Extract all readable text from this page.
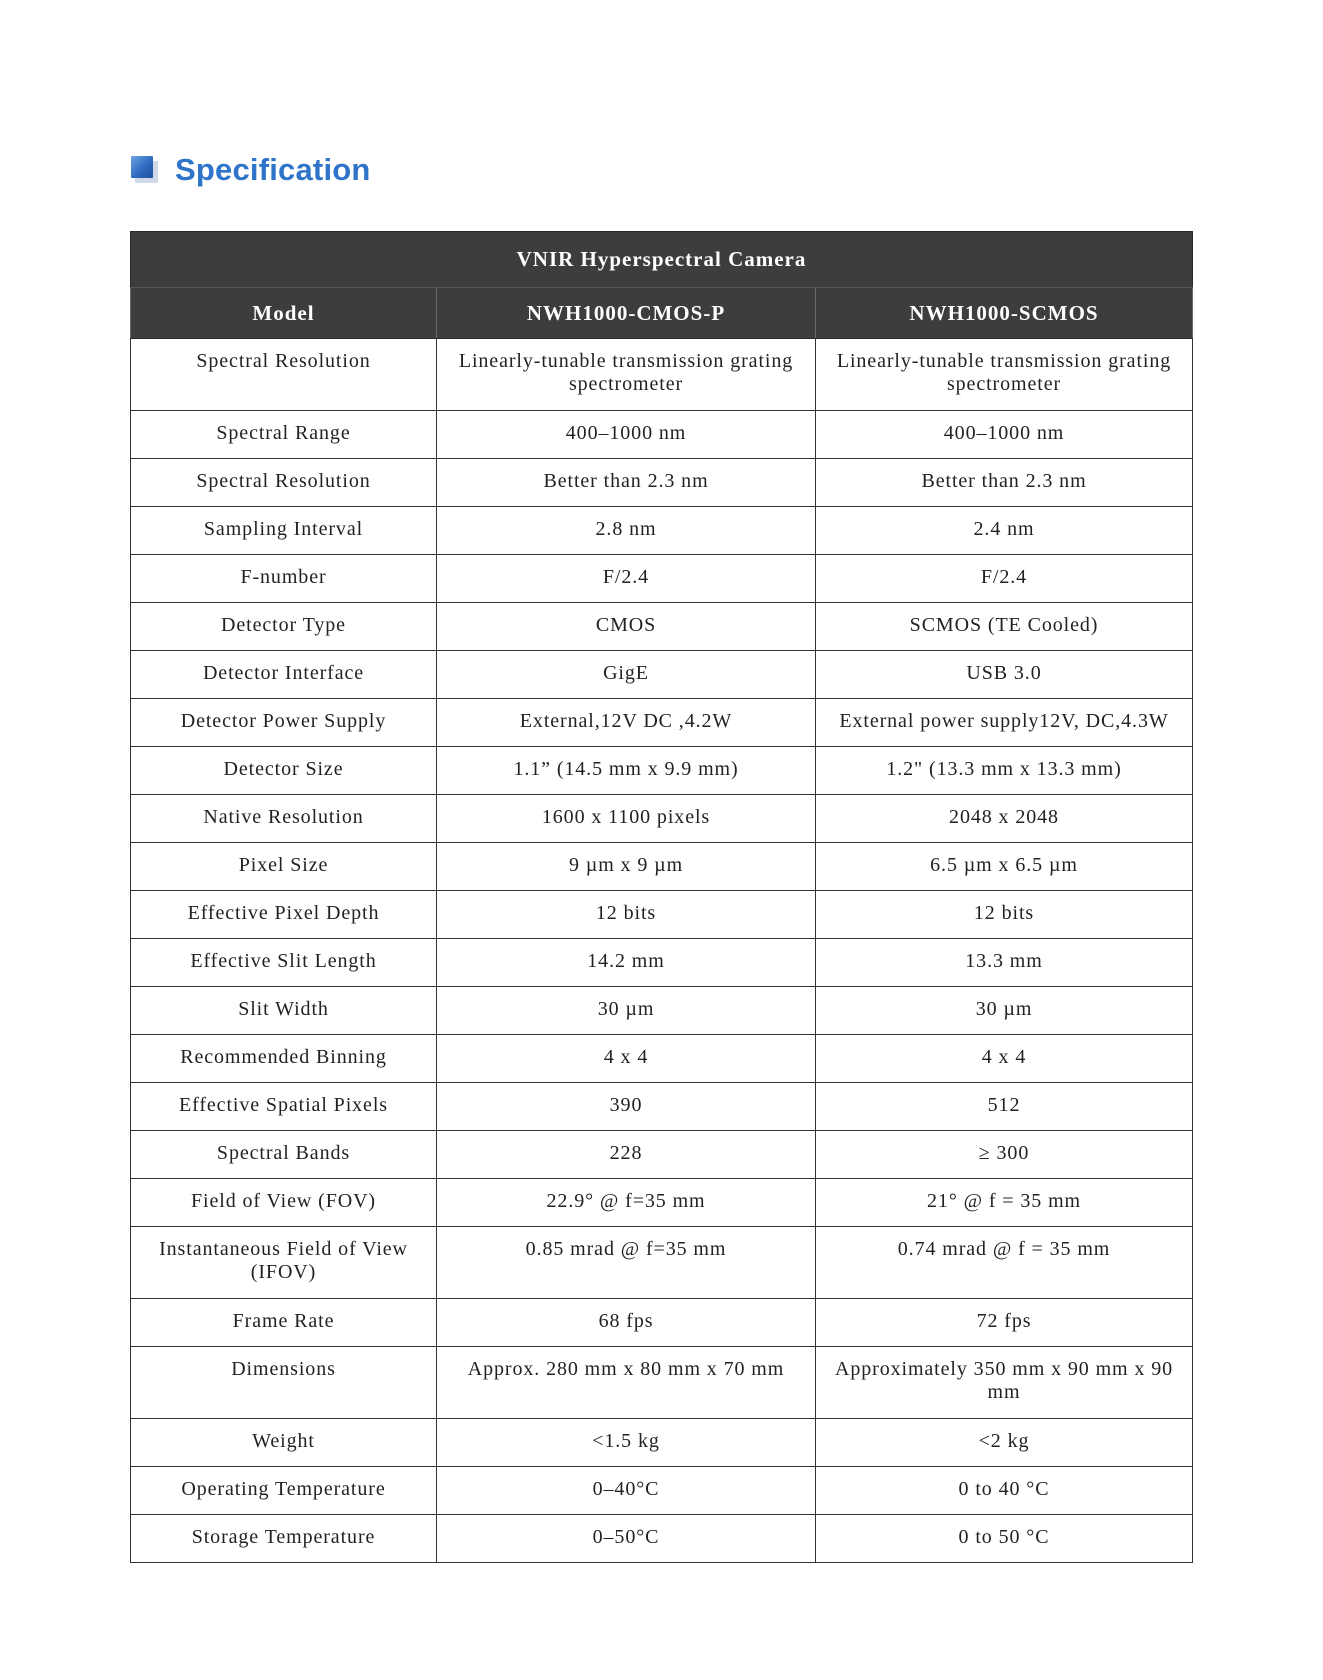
Specification
VNIR Hyperspectral Camera		
Model	NWH1000-CMOS-P	NWH1000-SCMOS
Spectral Resolution	Linearly-tunable transmission grating spectrometer	Linearly-tunable transmission grating spectrometer
Spectral Range	400–1000 nm	400–1000 nm
Spectral Resolution	Better than 2.3 nm	Better than 2.3 nm
Sampling Interval	2.8 nm	2.4 nm
F-number	F/2.4	F/2.4
Detector Type	CMOS	SCMOS (TE Cooled)
Detector Interface	GigE	USB 3.0
Detector Power Supply	External,12V DC ,4.2W	External power supply12V, DC,4.3W
Detector Size	1.1” (14.5 mm x 9.9 mm)	1.2" (13.3 mm x 13.3 mm)
Native Resolution	1600 x 1100 pixels	2048 x 2048
Pixel Size	9 µm x 9 µm	6.5 µm x 6.5 µm
Effective Pixel Depth	12 bits	12 bits
Effective Slit Length	14.2 mm	13.3 mm
Slit Width	30 µm	30 µm
Recommended Binning	4 x 4	4 x 4
Effective Spatial Pixels	390	512
Spectral Bands	228	≥ 300
Field of View (FOV)	22.9° @ f=35 mm	21° @ f = 35 mm
Instantaneous Field of View (IFOV)	0.85 mrad @ f=35 mm	0.74 mrad @ f = 35 mm
Frame Rate	68 fps	72 fps
Dimensions	Approx. 280 mm x 80 mm x 70 mm	Approximately 350 mm x 90 mm x 90 mm
Weight	<1.5 kg	<2 kg
Operating Temperature	0–40°C	0 to 40 °C
Storage Temperature	0–50°C	0 to 50 °C
